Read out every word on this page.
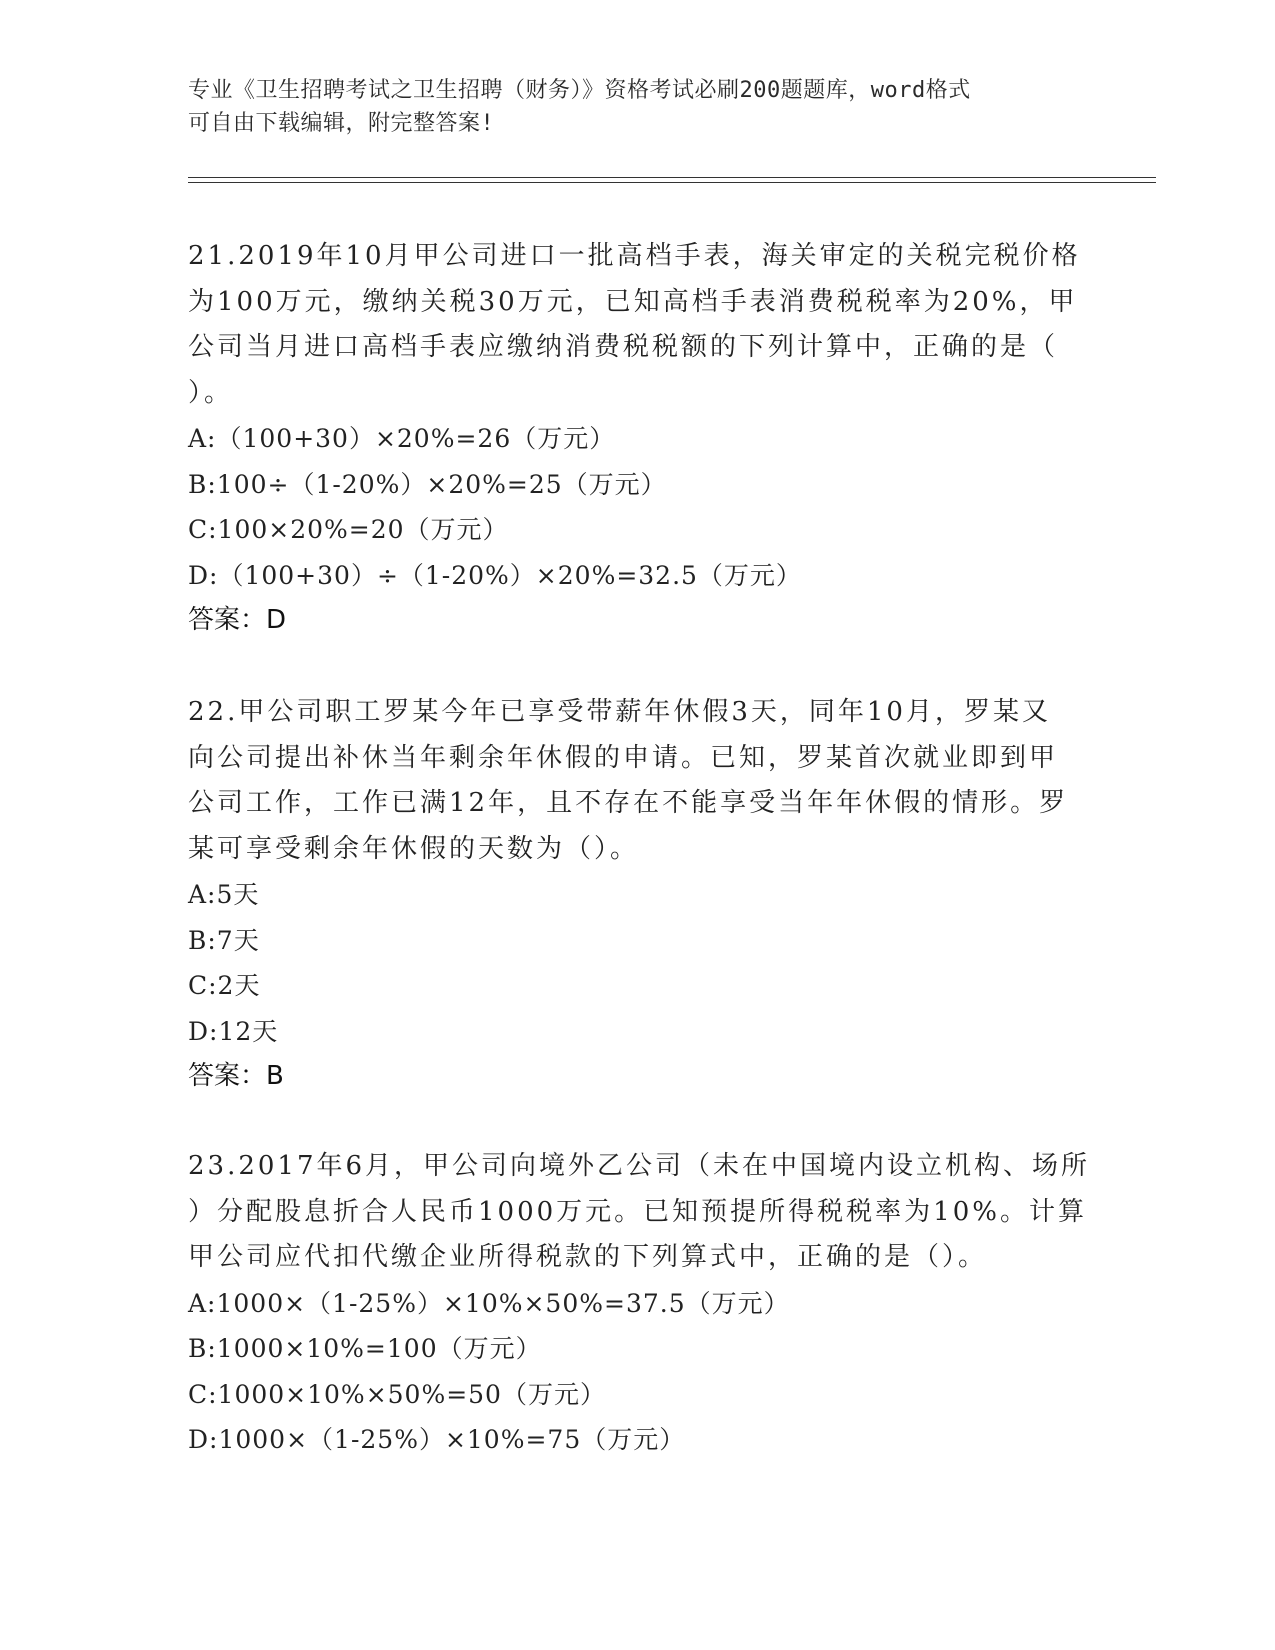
专业《卫生招聘考试之卫生招聘（财务）》资格考试必刷200题题库，word格式
可自由下载编辑，附完整答案!
21.2019年10月甲公司进口一批高档手表，海关审定的关税完税价格
为100万元，缴纳关税30万元，已知高档手表消费税税率为20%，甲
公司当月进口高档手表应缴纳消费税税额的下列计算中，正确的是（
）。
A:（100+30）×20%=26（万元）
B:100÷（1-20%）×20%=25（万元）
C:100×20%=20（万元）
D:（100+30）÷（1-20%）×20%=32.5（万元）
答案：D
22.甲公司职工罗某今年已享受带薪年休假3天，同年10月，罗某又
向公司提出补休当年剩余年休假的申请。已知，罗某首次就业即到甲
公司工作，工作已满12年，且不存在不能享受当年年休假的情形。罗
某可享受剩余年休假的天数为（）。
A:5天
B:7天
C:2天
D:12天
答案：B
23.2017年6月，甲公司向境外乙公司（未在中国境内设立机构、场所
）分配股息折合人民币1000万元。已知预提所得税税率为10%。计算
甲公司应代扣代缴企业所得税款的下列算式中，正确的是（）。
A:1000×（1-25%）×10%×50%=37.5（万元）
B:1000×10%=100（万元）
C:1000×10%×50%=50（万元）
D:1000×（1-25%）×10%=75（万元）
